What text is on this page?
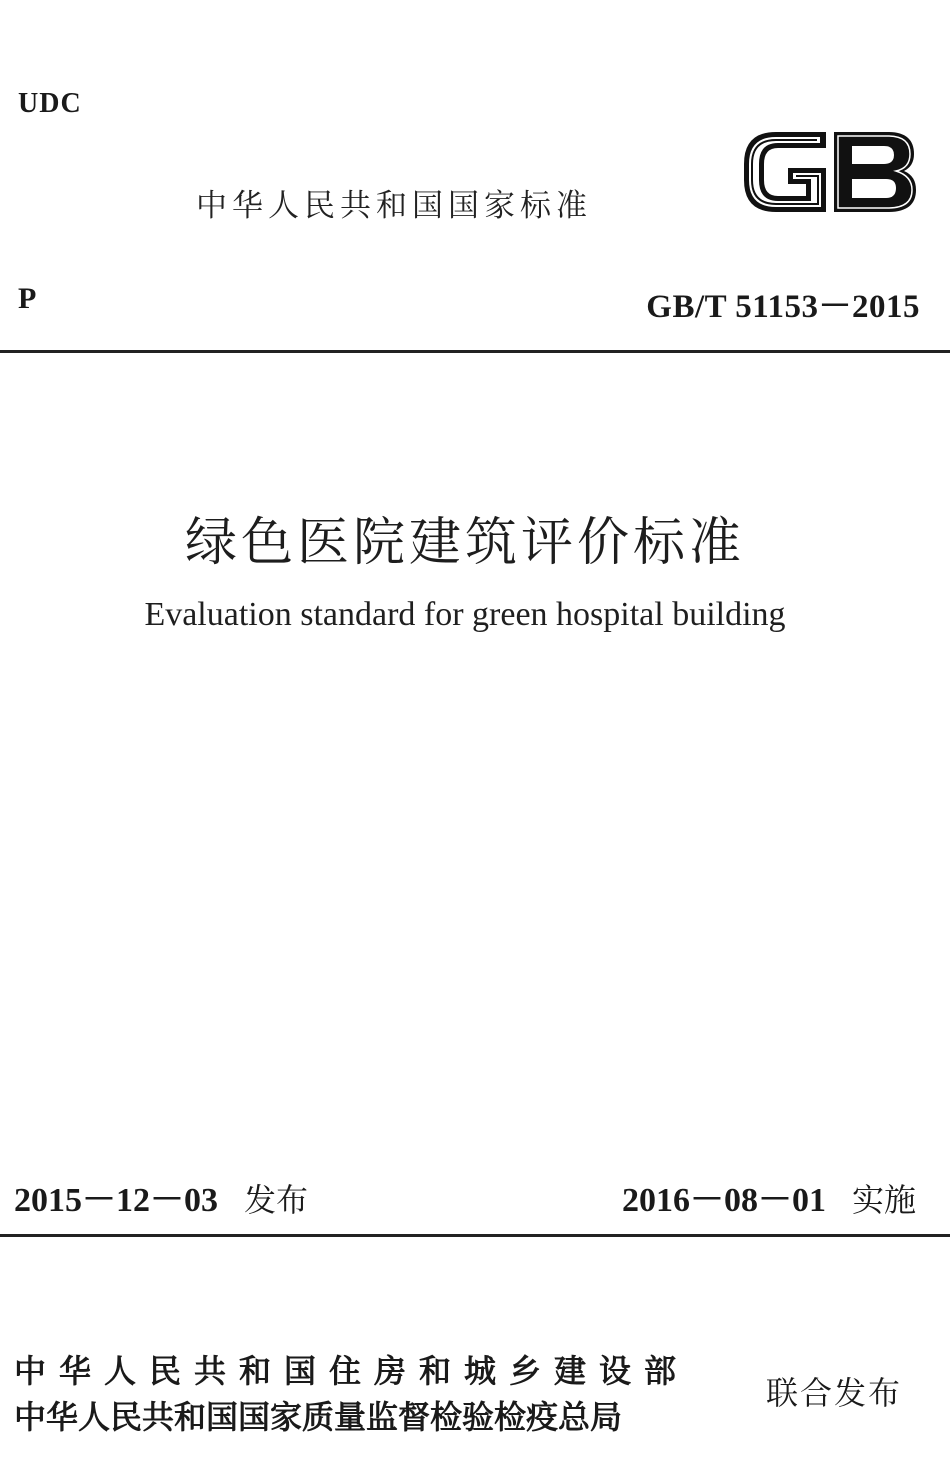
UDC
中华人民共和国国家标准
P	GB/T 51153－2015
绿色医院建筑评价标准
Evaluation standard for green hospital building
2015－12－03 发布	2016－08－01 实施
中华人民共和国住房和城乡建设部
中华人民共和国国家质量监督检验检疫总局
联合发布
